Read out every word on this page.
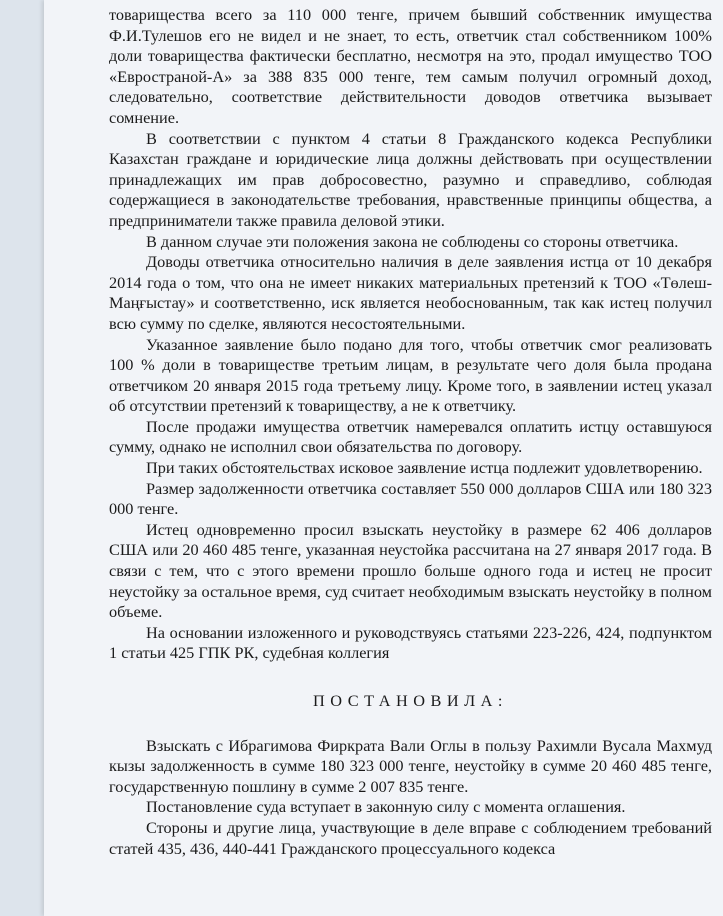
товарищества всего за 110 000 тенге, причем бывший собственник имущества Ф.И.Тулешов его не видел и не знает, то есть, ответчик стал собственником 100% доли товарищества фактически бесплатно, несмотря на это, продал имущество ТОО «Евространой-А» за 388 835 000 тенге, тем самым получил огромный доход, следовательно, соответствие действительности доводов ответчика вызывает сомнение.

В соответствии с пунктом 4 статьи 8 Гражданского кодекса Республики Казахстан граждане и юридические лица должны действовать при осуществлении принадлежащих им прав добросовестно, разумно и справедливо, соблюдая содержащиеся в законодательстве требования, нравственные принципы общества, а предприниматели также правила деловой этики.

В данном случае эти положения закона не соблюдены со стороны ответчика.

Доводы ответчика относительно наличия в деле заявления истца от 10 декабря 2014 года о том, что она не имеет никаких материальных претензий к ТОО «Төлеш-Маңғыстау» и соответственно, иск является необоснованным, так как истец получил всю сумму по сделке, являются несостоятельными.

Указанное заявление было подано для того, чтобы ответчик смог реализовать 100 % доли в товариществе третьим лицам, в результате чего доля была продана ответчиком 20 января 2015 года третьему лицу. Кроме того, в заявлении истец указал об отсутствии претензий к товариществу, а не к ответчику.

После продажи имущества ответчик намеревался оплатить истцу оставшуюся сумму, однако не исполнил свои обязательства по договору.

При таких обстоятельствах исковое заявление истца подлежит удовлетворению.

Размер задолженности ответчика составляет 550 000 долларов США или 180 323 000 тенге.

Истец одновременно просил взыскать неустойку в размере 62 406 долларов США или 20 460 485 тенге, указанная неустойка рассчитана на 27 января 2017 года. В связи с тем, что с этого времени прошло больше одного года и истец не просит неустойку за остальное время, суд считает необходимым взыскать неустойку в полном объеме.

На основании изложенного и руководствуясь статьями 223-226, 424, подпунктом 1 статьи 425 ГПК РК, судебная коллегия

ПОСТАНОВИЛА:

Взыскать с Ибрагимова Фиркрата Вали Оглы в пользу Рахимли Вусала Махмуд кызы задолженность в сумме 180 323 000 тенге, неустойку в сумме 20 460 485 тенге, государственную пошлину в сумме 2 007 835 тенге.

Постановление суда вступает в законную силу с момента оглашения.

Стороны и другие лица, участвующие в деле вправе с соблюдением требований статей 435, 436, 440-441 Гражданского процессуального кодекса
